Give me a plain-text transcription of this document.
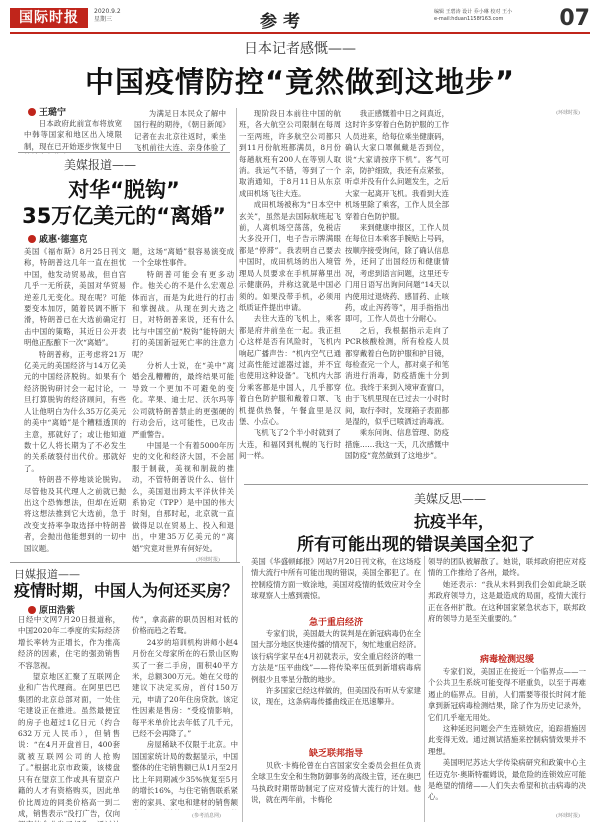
国际时报	2020.9.2
星期三	参考	编辑 王碧涛 设计 乔小琳 校对 王小
e-mail:hduan1158f163.com	07
日本记者感慨——
中国疫情防控“竟然做到这地步”
王璐宁

日本政府此前宣布将放宽中韩等国家和地区出入境限制，现在已开始逐步恢复中日

为满足日本民众了解中国行程的期待，《朝日新闻》记者在去北京往返时，乘坐飞机前往大连、亲身体验了

现阶段日本前往中国的航班，各大航空公司限制在每周一至两班，许多航空公司都只到11月份航班都满员，8月份每趟航班有200人在等别人取消。我运气不错，等到了一个取消通知，于8月11日从东京成田机场飞往大连。

成田机场被称为“日本空中玄关”，虽然是去国际航班起飞前，人离机场空荡荡，免税店大多没开门，电子告示牌满眼都是“停滞”。我表明自己要去中国时，成田机场的出入境管理局人员要求在手机屏幕里出示健康码，并称这就是中国必须的。如果没带手机，必须用纸质证件提出申请。

去往大连的飞机上，乘客都是府井前坐在一起。我正担心这样是否有风险时，飞机内响起广播声告：“机内空气已通过高性能过滤器过滤，并不宜也使用这种设备”。飞机内大部分乘客都是中国人，几乎都穿着白色防护服和戴着口罩、飞机提供热餐，午餐盒里是汉堡、小点心。

飞机飞了2个半小时就到了大连，和福冈到札幌的飞行时间一样。

我正感慨着中日之间真近，这时许多穿着白色防护服的工作人员进来，给每位乘坐健康码，确认大家口罩佩戴是否到位，说“大家请按序下机”。客气可亲，防护细致，我还有点紧张，听卓并没有什么问题发生，之后大家一起离开飞机。我看到大连机场里除了乘客，工作人员全部穿着白色防护服。

来到健康申报区，工作人员在每位日本乘客手腕贴上号码，按顺序接受询问，除了确认信息外，还问了出国经历和健康情况，考虑到语言问题，这里还专门用日语写出询问问题“14天以内使用过退烧药、感冒药、止咳药，或止泻药等”，用手指指出即可，工作人员也十分耐心。

之后，我根据指示走向了PCR核酸检测，所有检疫人员都穿戴着白色防护服和护目镜，每检查完一个人，都对桌子和笔消进行消毒，防疫措施十分到位。我终于来到入境审查窗口，由于飞机里现在已过去一小时时间，取行李时，发现箱子表面都是湿的，似乎已喷洒过消毒液。

乘东问询、信息管理、防疫措施……我这一天，几次感慨中国防疫“竟然做到了这地步”。

(环球时报)
美媒报道——
对华“脱钩”
35万亿美元的“离婚”
戚惠·德塞克

美国《福布斯》8月25日刊文称，特朗普这几年一直在担忧中国，他发动贸易战，但自宫几乎一无所获，美国对华贸易逆差几无变化。现在呢？可能要变本加厉，随着民调不断下滑，特朗普已在大选前确定打击中国的策略，其近日公开表明他正酝酿下一次“离婚”。

特朗普称，正考虑将21万亿美元的美国经济与14万亿美元的中国经济脱钩。如果有个经济脱钩研讨会一起讨论，一旦打算脱钩的经济顾问，有些人让他明白为什么35万亿美元的美中“离婚”是个糟糕透顶的主意，那就好了；或让他知道数十亿人将长期为了不必发生的关系破裂付出代价。那就好了。

特朗普不停地谈论脱钩。尽管他及其代理人之前就已抛出这个恐怖想法，但却在近期将这想法推到它大选前，急于改变支持率争取选择中特朗普者，会抛出他能想到的一切中国议题。

题，这场“离婚”很容易演变成一个全球性事件。

特朗普可能会有更多动作。他关心的不是什么宏观总体而言，而是为此进行的打击和掌握战。从现在到大选之日，对特朗普来说，还有什么比与中国空前“脱钩”能特朗大打的美国新冠死亡率的注意力呢？

分析人士说，在“美中”离婚会乱糟糟的，最终结果可能导致一个更加不可避免的变化。苹果、迪士尼、沃尔玛等公司就特朗普禁止的更强硬的行动会后，这可能性，已攻击严重警告。

中国是一个有着5000年历史的文化和经济大国，不会屈服于制裁，美视和制裁的推动，不管特朗普说什么、信什么，美国退出跨太平洋伙伴关系协定（TPP）是中国的伟大时刻，自那时起，北京就一直做得足以在贸易上、投入和退出，中建35万亿美元的“离婚”究竟对世界有何好处。

(环球时报)
美媒反思——
抗疫半年，
所有可能出现的错误美国全犯了

美国《华盛顿邮报》网站7月20日刊文称，在这场疫情大流行中所有可能出现的错误，美国全都犯了。在控制疫情方面一败涂地，美国对疫情的低效应对令全球观察人士感到震惊。

急于重启经济

专家们说，美国最大的误判是在新冠病毒仍在全国大部分地区快速传播的情况下，匆忙地重启经济。该行病学家早在4月初就表示，安全重启经济的唯一方法是“压平曲线”——将传染率压低到新增病毒病例很少且零星分散的地步。

许多国家已经这样做的，但美国没有听从专家建议，现在，这条病毒传播曲线正在迅速攀升。

缺乏联邦指导

贝欣·卡梅伦曾在白宫国家安全委员会担任负责全球卫生安全和生物防御事务的高级主管，还在奥巴马执政时期帮助制定了应对疫情大流行的计划。他说，就在两年前，卡梅伦

领导的团队被解散了。她说，联邦政府把应对疫情的工作推给了各州，最终。

她还表示：“我从未料到我们会如此缺乏联邦政府领导力，这是最造成的局面，疫情大流行正在各州扩散。在这种国家紧急状态下，联邦政府的领导力是至关重要的。”

病毒检测迟缓

专家们说，美国正在接近一个临界点——一个公共卫生系统可能变得不堪重负，以至于再难遏止的临界点。目前，人们需要等很长时间才能拿到新冠病毒检测结果，除了作为历史记录外，它们几乎毫无用处。

这种延迟问题会产生连锁效应，追踪措施因此变得无效。通过测试措施来控制病情效果并不理想。

美国明尼苏达大学传染病研究和政策中心主任迈克尔·奥斯特霍姆说，最危险的连锁效应可能是绝望的情绪——人们失去希望和抗击病毒的决心。

(环球时报)
日媒报道——
疫情时期，中国人为何还买房？
原田浩紫

日经中文网7月20日报道称，中国2020年二季度的实际经济增长率转为正增长，作为推高经济的因素，住宅的强劲销售不容忽视。

望京地区汇聚了互联网企业和广告代理商。在阿里巴巴集团的北京总部对面，一处住宅建设正在推进。虽然最便宜的房子也超过1亿日元（约合632万元人民币），但销售说：“在4月开盘首日，400套就被互联网公司的人抢购了。”根据北京市政策，该楼盘只有在望京工作或具有望京户籍的人才有资格购买，因此单价比周边的同类价格高一到二成，销售表示“没打广告，仅向

传”，拿高薪的职员因相对低的价格而趋之若鹜。

24岁的培训机构讲师小赵4月份在父母家所在的石景山区购买了一套二手房，面积40平方米，总额300万元。她在父母的建议下决定买房，首付150万元，申请了20年住房贷款。该定性因素是售房：“受疫情影响，每平米单价比去年低了几千元，已经不会再降了。”

房屋稀缺不仅限于北京。中国国家统计局的数据显示，中国整体的住宅销售额已从1月至2月比上年同期减少35%恢复至5月的增长16%，与住宅销售联系紧密的家具、家电和建材的销售额

(参考消息网)
